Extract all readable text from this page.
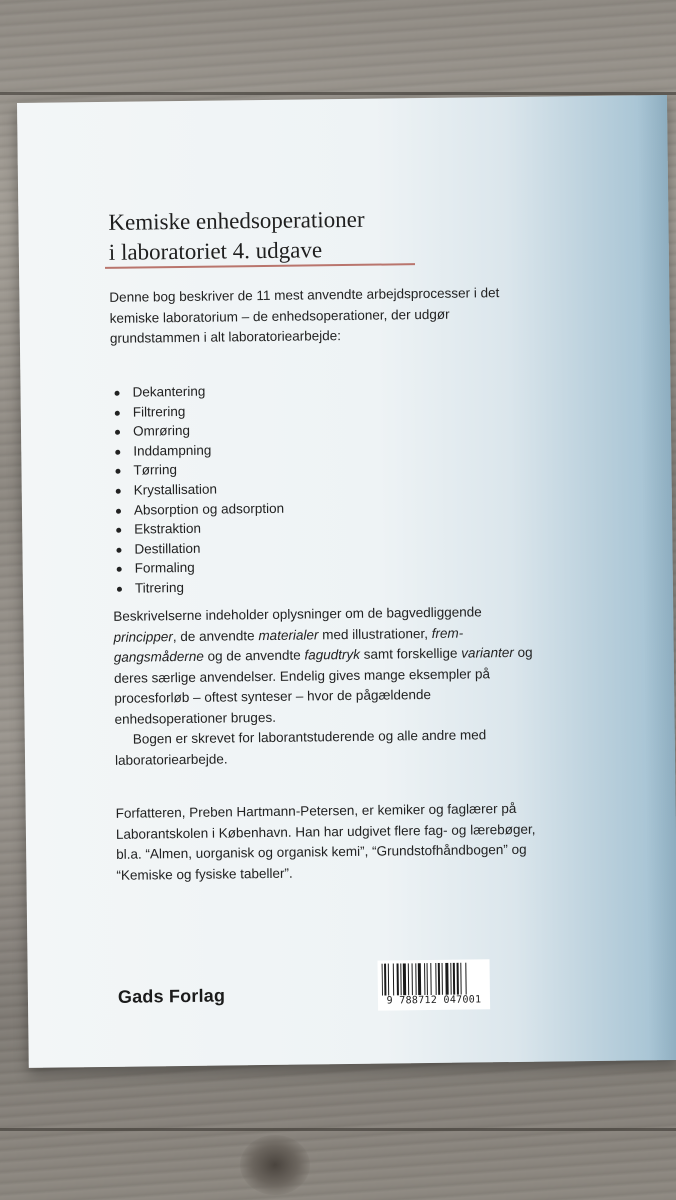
Kemiske enhedsoperationer
i laboratoriet 4. udgave

Denne bog beskriver de 11 mest anvendte arbejdsprocesser i det kemiske laboratorium – de enhedsoperationer, der udgør grundstammen i alt laboratoriearbejde:

Dekantering
Filtrering
Omrøring
Inddampning
Tørring
Krystallisation
Absorption og adsorption
Ekstraktion
Destillation
Formaling
Titrering

Beskrivelserne indeholder oplysninger om de bagvedliggende principper, de anvendte materialer med illustrationer, fremgangsmåderne og de anvendte fagudtryk samt forskellige varianter og deres særlige anvendelser. Endelig gives mange eksempler på procesforløb – oftest synteser – hvor de pågældende enhedsoperationer bruges.
Bogen er skrevet for laborantstuderende og alle andre med laboratoriearbejde.

Forfatteren, Preben Hartmann-Petersen, er kemiker og faglærer på Laborantskolen i København. Han har udgivet flere fag- og lærebøger, bl.a. “Almen, uorganisk og organisk kemi”, “Grundstofhåndbogen” og “Kemiske og fysiske tabeller”.

Gads Forlag	9 788712 047001
